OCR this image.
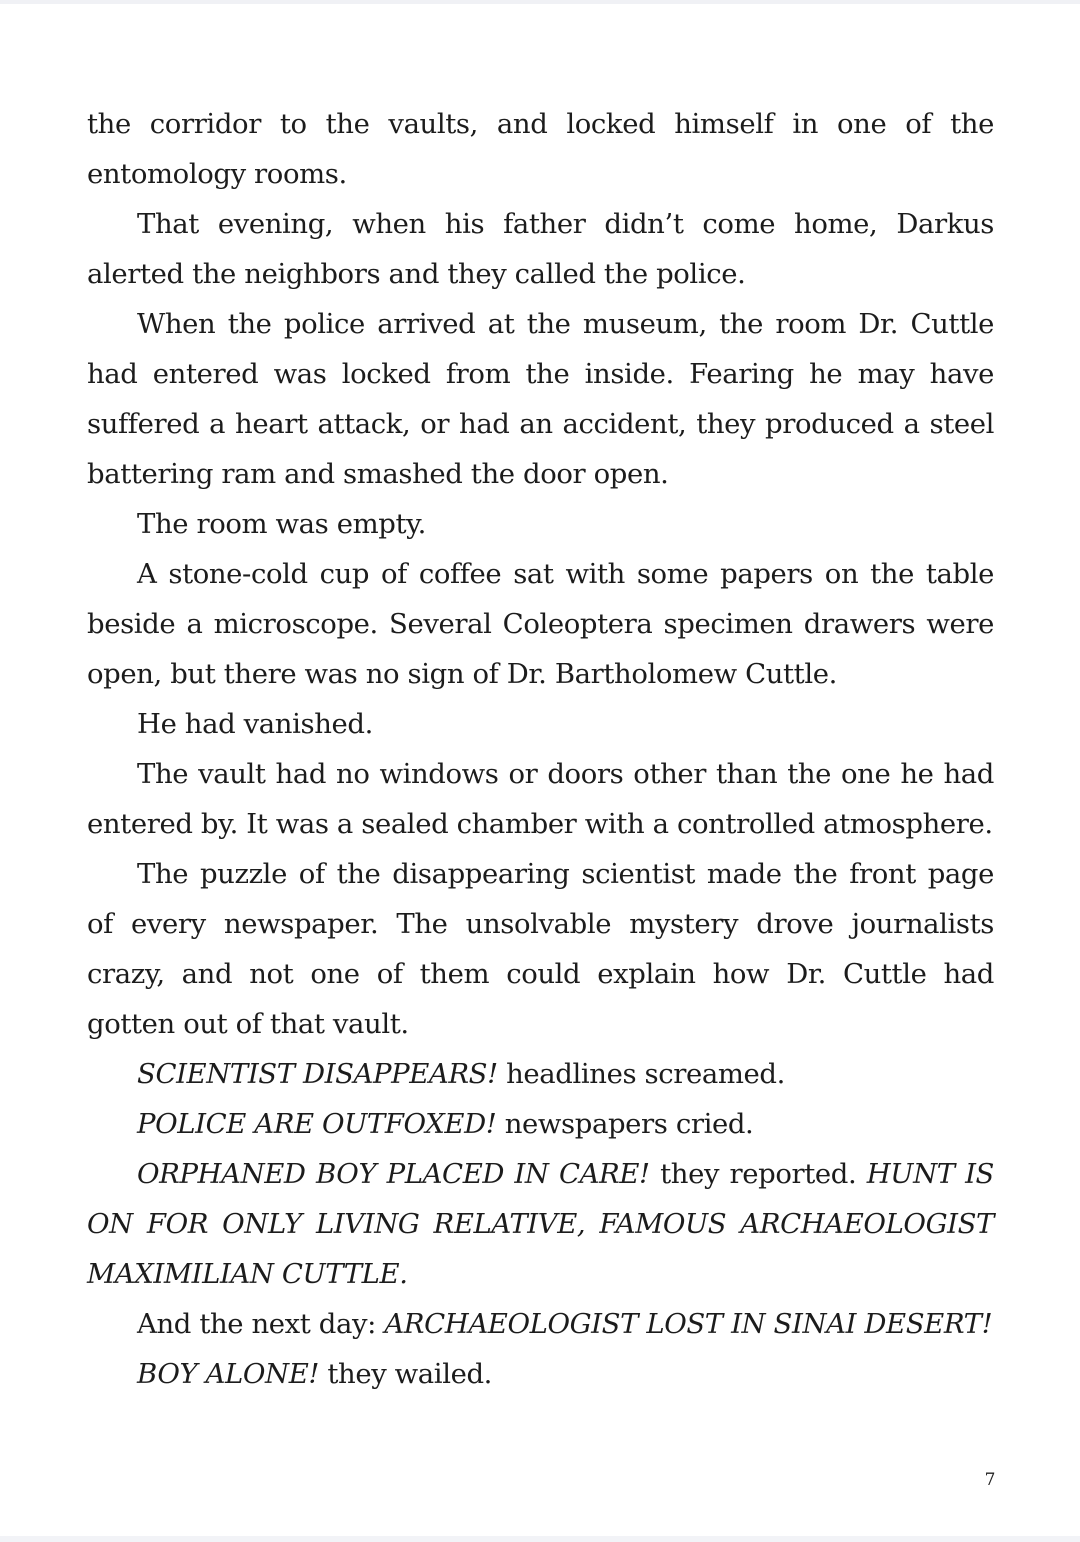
the corridor to the vaults, and locked himself in one of the entomology rooms.

That evening, when his father didn’t come home, Darkus alerted the neighbors and they called the police.

When the police arrived at the museum, the room Dr. Cuttle had entered was locked from the inside. Fearing he may have suffered a heart attack, or had an accident, they produced a steel battering ram and smashed the door open.

The room was empty.

A stone-cold cup of coffee sat with some papers on the table beside a microscope. Several Coleoptera specimen drawers were open, but there was no sign of Dr. Bartholomew Cuttle.

He had vanished.

The vault had no windows or doors other than the one he had entered by. It was a sealed chamber with a controlled atmosphere.

The puzzle of the disappearing scientist made the front page of every newspaper. The unsolvable mystery drove journalists crazy, and not one of them could explain how Dr. Cuttle had gotten out of that vault.

SCIENTIST DISAPPEARS! headlines screamed.

POLICE ARE OUTFOXED! newspapers cried.

ORPHANED BOY PLACED IN CARE! they reported. HUNT IS ON FOR ONLY LIVING RELATIVE, FAMOUS ARCHAEOLOGIST MAXIMILIAN CUTTLE.

And the next day: ARCHAEOLOGIST LOST IN SINAI DESERT!

BOY ALONE! they wailed.

7
